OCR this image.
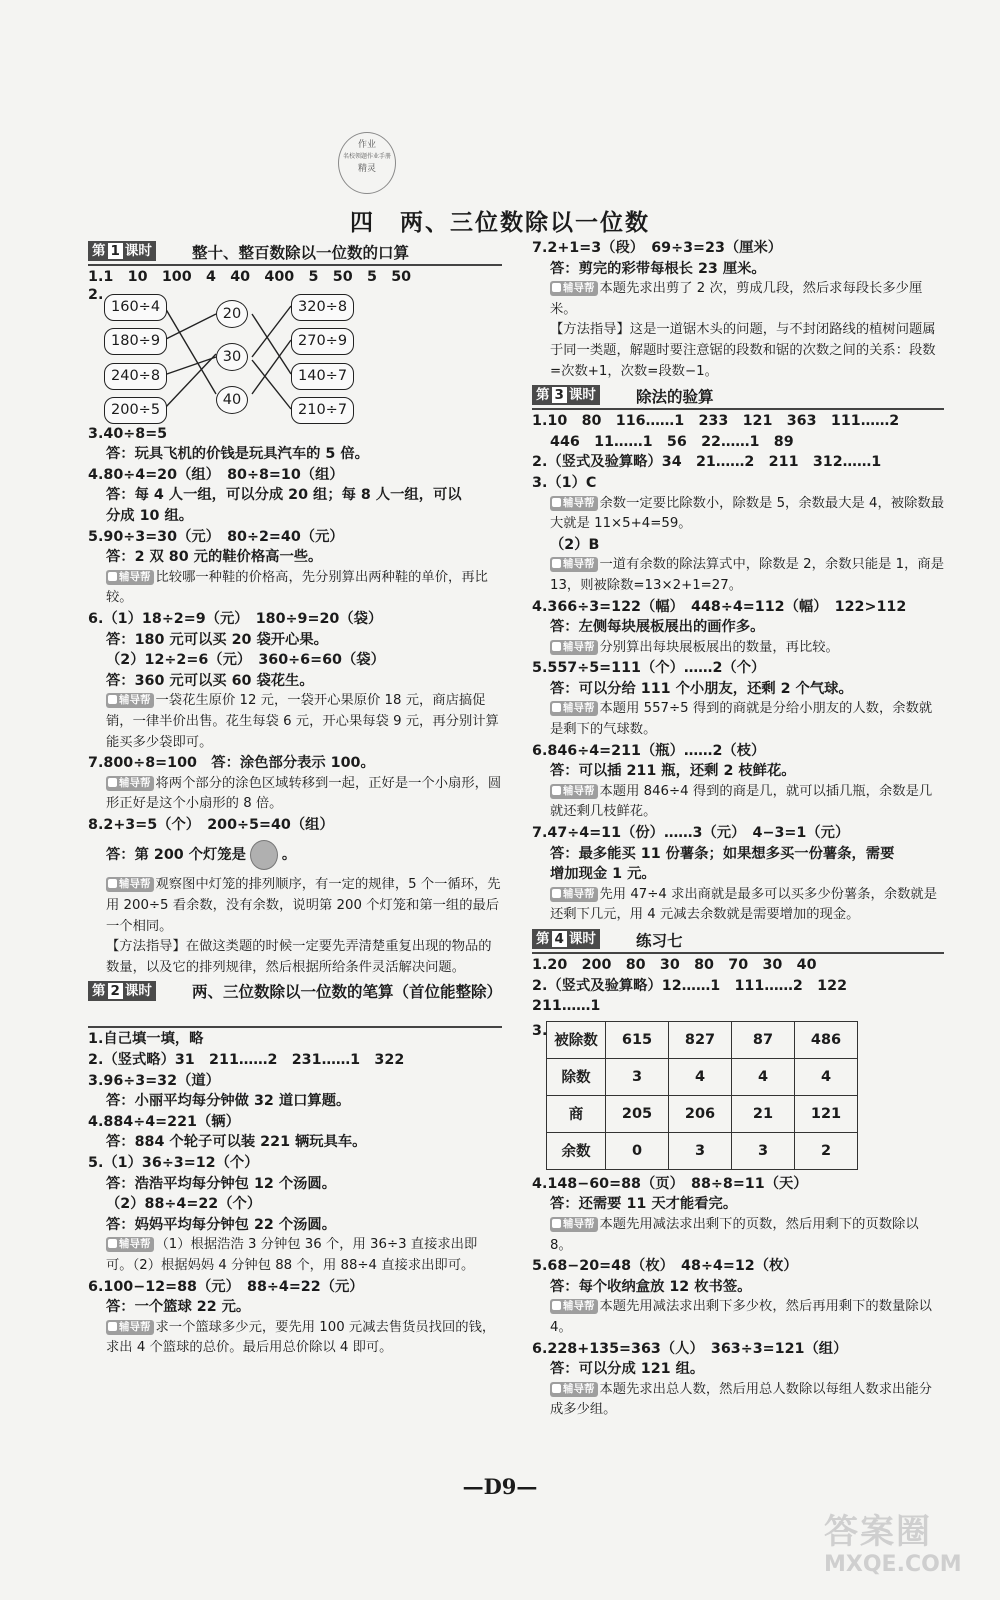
作业
名校领题作业手册
精灵
四　两、三位数除以一位数
第 1 课时	整十、整百数除以一位数的口算
1.1　10　100　4　40　400　5　50　5　50
2.
160÷4
180÷9
240÷8
200÷5
20
30
40
320÷8
270÷9
140÷7
210÷7
3.40÷8=5
答：玩具飞机的价钱是玩具汽车的 5 倍。
4.80÷4=20（组）　80÷8=10（组）
答：每 4 人一组，可以分成 20 组；每 8 人一组，可以
分成 10 组。
5.90÷3=30（元）　80÷2=40（元）
答：2 双 80 元的鞋价格高一些。
辅导帮 比较哪一种鞋的价格高，先分别算出两种鞋的单价，再比较。
6.（1）18÷2=9（元）　180÷9=20（袋）
答：180 元可以买 20 袋开心果。
（2）12÷2=6（元）　360÷6=60（袋）
答：360 元可以买 60 袋花生。
辅导帮 一袋花生原价 12 元，一袋开心果原价 18 元，商店搞促销，一律半价出售。花生每袋 6 元，开心果每袋 9 元，再分别计算能买多少袋即可。
7.800÷8=100　答：涂色部分表示 100。
辅导帮 将两个部分的涂色区域转移到一起，正好是一个小扇形，圆形正好是这个小扇形的 8 倍。
8.2+3=5（个）　200÷5=40（组）
答：第 200 个灯笼是	。
辅导帮 观察图中灯笼的排列顺序，有一定的规律，5 个一循环，先用 200÷5 看余数，没有余数，说明第 200 个灯笼和第一组的最后一个相同。
【方法指导】在做这类题的时候一定要先弄清楚重复出现的物品的数量，以及它的排列规律，然后根据所给条件灵活解决问题。
第 2 课时	两、三位数除以一位数的笔算（首位能整除）
1.自己填一填，略
2.（竖式略）31　211……2　231……1　322
3.96÷3=32（道）
答：小丽平均每分钟做 32 道口算题。
4.884÷4=221（辆）
答：884 个轮子可以装 221 辆玩具车。
5.（1）36÷3=12（个）
答：浩浩平均每分钟包 12 个汤圆。
（2）88÷4=22（个）
答：妈妈平均每分钟包 22 个汤圆。
辅导帮 （1）根据浩浩 3 分钟包 36 个，用 36÷3 直接求出即可。（2）根据妈妈 4 分钟包 88 个，用 88÷4 直接求出即可。
6.100−12=88（元）　88÷4=22（元）
答：一个篮球 22 元。
辅导帮 求一个篮球多少元，要先用 100 元减去售货员找回的钱，求出 4 个篮球的总价。最后用总价除以 4 即可。
7.2+1=3（段）　69÷3=23（厘米）
答：剪完的彩带每根长 23 厘米。
辅导帮 本题先求出剪了 2 次，剪成几段，然后求每段长多少厘米。
【方法指导】这是一道锯木头的问题，与不封闭路线的植树问题属于同一类题，解题时要注意锯的段数和锯的次数之间的关系：段数=次数+1，次数=段数−1。
第 3 课时	除法的验算
1.10　80　116……1　233　121　363　111……2
446　11……1　56　22……1　89
2.（竖式及验算略）34　21……2　211　312……1
3.（1）C
辅导帮 余数一定要比除数小，除数是 5，余数最大是 4，被除数最大就是 11×5+4=59。
（2）B
辅导帮 一道有余数的除法算式中，除数是 2，余数只能是 1，商是 13，则被除数=13×2+1=27。
4.366÷3=122（幅）　448÷4=112（幅）　122>112
答：左侧每块展板展出的画作多。
辅导帮 分别算出每块展板展出的数量，再比较。
5.557÷5=111（个）……2（个）
答：可以分给 111 个小朋友，还剩 2 个气球。
辅导帮 本题用 557÷5 得到的商就是分给小朋友的人数，余数就是剩下的气球数。
6.846÷4=211（瓶）……2（枝）
答：可以插 211 瓶，还剩 2 枝鲜花。
辅导帮 本题用 846÷4 得到的商是几，就可以插几瓶，余数是几就还剩几枝鲜花。
7.47÷4=11（份）……3（元）　4−3=1（元）
答：最多能买 11 份薯条；如果想多买一份薯条，需要
增加现金 1 元。
辅导帮 先用 47÷4 求出商就是最多可以买多少份薯条，余数就是还剩下几元，用 4 元减去余数就是需要增加的现金。
第 4 课时	练习七
1.20　200　80　30　80　70　30　40
2.（竖式及验算略）12……1　111……2　122
211……1
3.
被除数	615	827	87	486
除数	3	4	4	4
商	205	206	21	121
余数	0	3	3	2
4.148−60=88（页）　88÷8=11（天）
答：还需要 11 天才能看完。
辅导帮 本题先用减法求出剩下的页数，然后用剩下的页数除以 8。
5.68−20=48（枚）　48÷4=12（枚）
答：每个收纳盒放 12 枚书签。
辅导帮 本题先用减法求出剩下多少枚，然后再用剩下的数量除以 4。
6.228+135=363（人）　363÷3=121（组）
答：可以分成 121 组。
辅导帮 本题先求出总人数，然后用总人数除以每组人数求出能分成多少组。
—D9—
答案圈
MXQE.COM
